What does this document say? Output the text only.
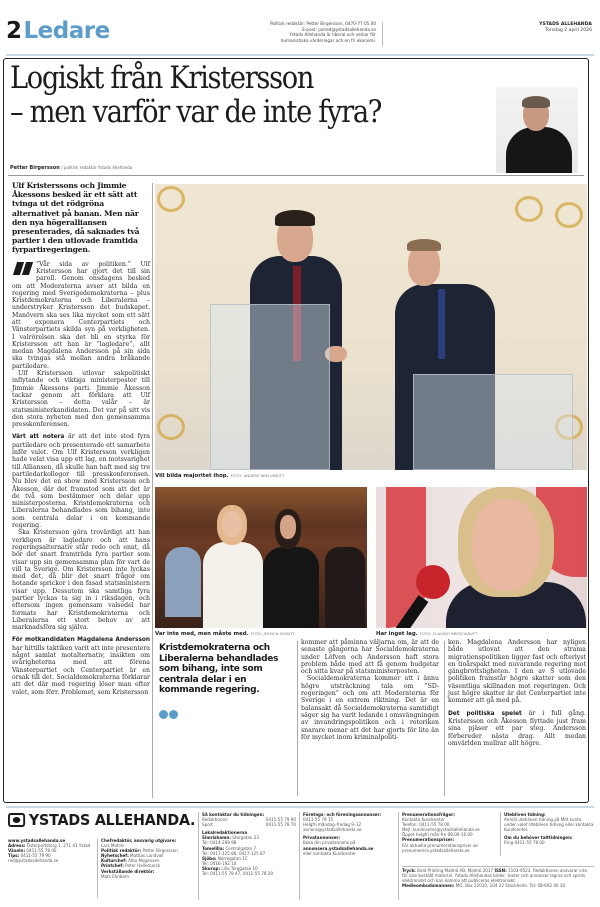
2Ledare	Politisk redaktör: Petter Birgersson, 0470-77 05 00
E-post: polred@ystadsallehanda.se
Ystads Allehanda är liberal och verkar för
humanistiska värderingar och en fri ekonomi.
YSTADS ALLEHANDA
Torsdag 2 april 2026
Logiskt från Kristersson
– men varför var de inte fyra?
Petter Birgersson / politisk redaktör Ystads Allehanda
Ulf Kristerssons och Jimmie Åkessons besked är ett sätt att tvinga ut det rödgröna alternativet på banan. Men när den nya högeralliansen presenterades, då saknades två partier i den utlovade framtida fyrpartiregeringen.

”Vår sida av politiken.” Ulf Kristersson har gjort det till sin paroll. Genom onsdagens besked om att Moderaterna avser att bilda en regering med Sverigedemokraterna – plus Kristdemokraterna och Liberalerna – understryker Kristersson det budskapet. Manövern ska ses lika mycket som ett sätt att exponera Centerpartiets och Vänsterpartiets skilda syn på verkligheten. I valrörelsen ska det bli en styrka för Kristersson att han är ”lagledare”, allt medan Magdalena Andersson på sin sida ska tvingas stå mellan andra bråkande partiledare.

Ulf Kristersson utlovar sakpolitiskt inflytande och viktiga ministerposter till Jimmie Åkessons parti. Jimmie Åkesson tackar genom att förklara att Ulf Kristersson – detta valår – är statsministerkandidaten. Det var på sitt vis den stora nyheten med den gemensamma presskonferensen.

Värt att notera är att det inte stod fyra partiledare och presenterade ett samarbete inför valet. Om Ulf Kristersson verkligen hade velat visa upp ett lag, en motsvarighet till Alliansen, då skulle han haft med sig tre partiledarkollegor till presskonferensen. Nu blev det en show med Kristersson och Åkesson, där det framstod som att det är de två som bestämmer och delar upp ministerposterna. Kristdemokraterna och Liberalerna behandlades som bihang, inte som centrala delar i en kommande regering.

Ska Kristersson göra trovärdigt att han verkligen är lagledare och att hans regeringsalternativ står redo och enat, då bör det snart framträda fyra partier som visar upp sin gemensamma plan för vart de vill ta Sverige. Om Kristersson inte lyckas med det, då blir det snart frågor om hotande sprickor i den fasad statsministern visar upp. Dessutom ska samtliga fyra partier lyckas ta sig in i riksdagen, och eftersom ingen gemensam valsedel har formats har Kristdemokraterna och Liberalerna ett stort behov av att marknadsföra sig själva.

För motkandidaten Magdalena Andersson har hittills taktiken varit att inte presentera något samlat motalternativ, insikten om svårigheterna med att förena Vänsterpartiet och Centerpartiet är en orsak till det. Socialdemokraterna förklarar att det där med regering löser man efter valet, som förr. Problemet, som Kristersson

Vill bilda majoritet ihop. FOTO: ANDERS WIKLUND/TT
Var inte med, men måste med. FOTO: JESSICA GOW/TT	Har inget lag. FOTO: CLAUDIO BRESCIANI/TT
Kristdemokraterna och Liberalerna behandlades som bihang, inte som centrala delar i en kommande regering.

kommer att påminna väljarna om, är att de senaste gångerna har Socialdemokraterna under Löfven och Andersson haft stora problem både med att få genom budgetar och sitta kvar på statsministerposten.

Socialdemokraterna kommer att i ännu högre utsträckning tala om ”SD-regeringen” och om att Moderaterna för Sverige i en extrem riktning. Det är en balansakt då Socialdemokraterna samtidigt säger sig ha varit ledande i omsvängningen av invandringspolitiken och i retoriken snarare menar att det har gjorts för lite än för mycket inom kriminalpoliti-

ken. Magdalena Andersson har nyligen både utlovat att den strama migrationspolitiken ligger fast och efterlyst en tioårspakt med nuvarande regering mot gängbrottsligheten. I den av S utlovade politiken framstår högre skatter som den väsentliga skillnaden mot regeringen. Och just högre skatter är det Centerpartiet inte kommer att gå med på.

Det politiska spelet är i full gång. Kristersson och Åkesson flyttade just fram sina pjäser ett par steg. Andersson förbereder nästa drag. Allt medan omvärlden mullrar allt högre.

YSTADS ALLEHANDA.
www.ystadsallehanda.se
Adress: Österportstorg 1, 271 41 Ystad
Växeln: 0411-55 78 00
Tips: 0411-55 79 90
red@ystadsallehanda.se
Chefredaktör, ansvarig utgivare:
Lars Mohlin
Politisk redaktör: Petter Birgersson
Nyhetschef: Mattias Lundvall
Kulturchef: Alba Mogensen
Printchef: Peter Hallemarck
Verkställande direktör:
Mats Ehnbom
Så kontaktar du tidningen:
Redaktionen	0411-55 79 90
Sport	0411-55 78 70
Lokalredaktionerna
Simrishamn: Storgatan 23
Tel: 0414-289 98
Tomelilla: Centralgatan 7
Tel: 0417-125 86, 0417-125 87
Sjöbo: Norregatan 1C
Tel: 0416-192 10
Skurup: Lilla Torggatan 10
Tel: 0411-55 78 47, 0411-55 78 29
Företags- och föreningsannonser:
0411-55 79 15
Helgfri måndag–fredag 9–12
annons@ystadsallehanda.se
Privatannonser:
Boka din privatannons på
annonsera.ystadsallehanda.se
eller kontakta Kundcenter
Prenumerationsfrågor:
Kontakta Kundcenter
Telefon: 0411-55 78 00
Mejl: kundcenter@ystadsallehanda.se
Öppet helgfri mån-fre 08.00-16.00
Prenumerationspriser:
För aktuella prenumerationspriser se
prenumerera.ystadsallehanda.se
Utebliven tidning:
Anmäl utebliven tidning på Mitt konto under valet Utebliven tidning eller kontakta Kundcenter.
Om du behöver talttidningen:
Ring 0411-55 78 00
Tryck: Bold Printing Malmö AB, Malmö 2017 ISSN: 1103-9523. Redaktionen ansvarar inte för icke beställt material. Ystads Allehandas bilder, texter och annonser lagras och sprids elektroniskt och kan komma att publiceras elektroniskt.
Medieombudsmannen: MO, Box 22010, 104 22 Stockholm. Tel: 08-692 46 30
